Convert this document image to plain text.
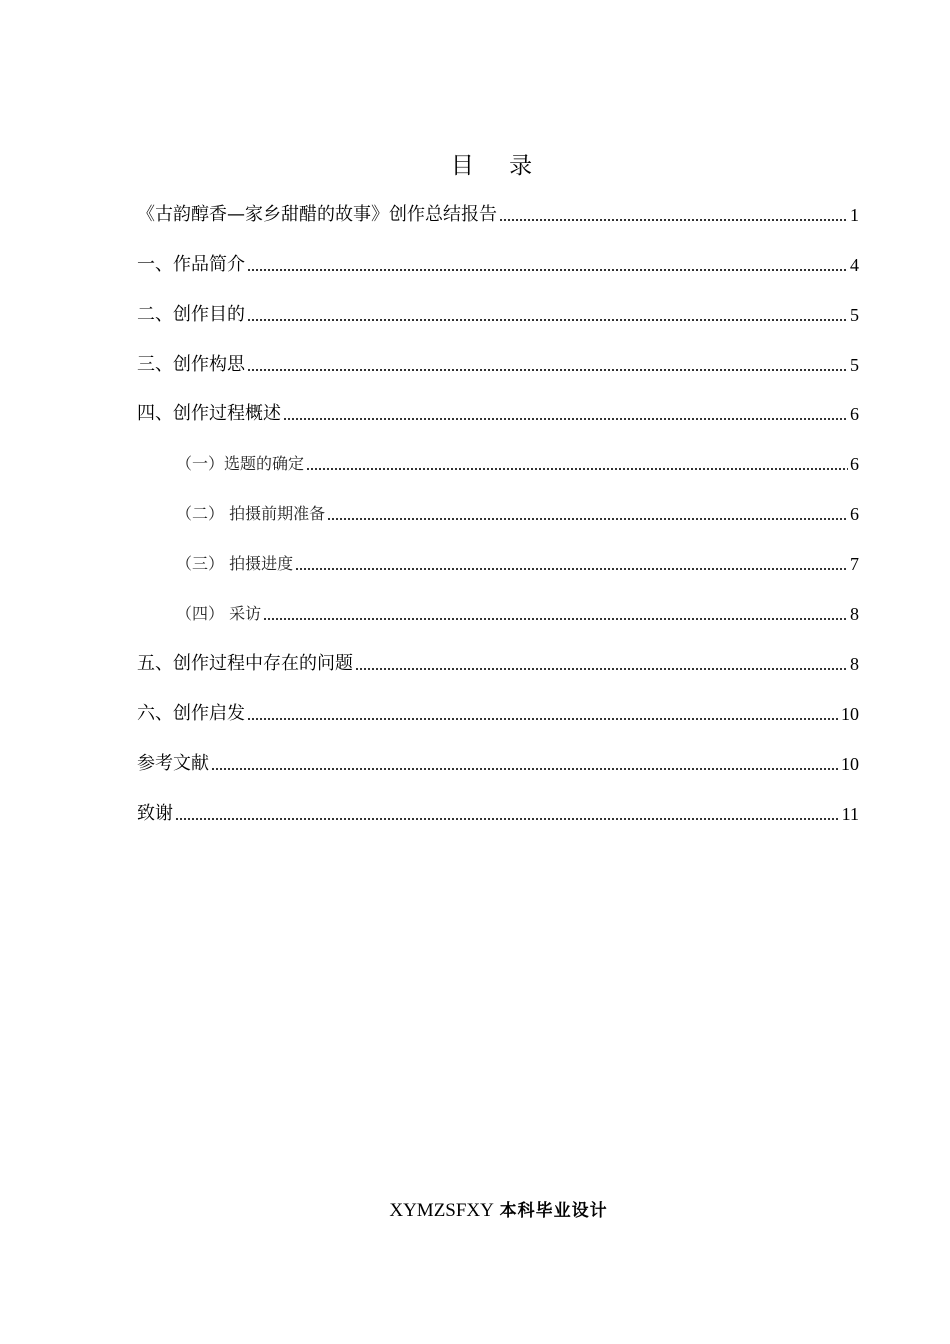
目 录
《古韵醇香—家乡甜醋的故事》创作总结报告	1
一、作品简介	4
二、创作目的	5
三、创作构思	5
四、创作过程概述	6
（一）选题的确定	6
（二） 拍摄前期准备	6
（三） 拍摄进度	7
（四） 采访	8
五、创作过程中存在的问题	8
六、创作启发	10
参考文献	10
致谢	11
XYMZSFXY 本科毕业设计
